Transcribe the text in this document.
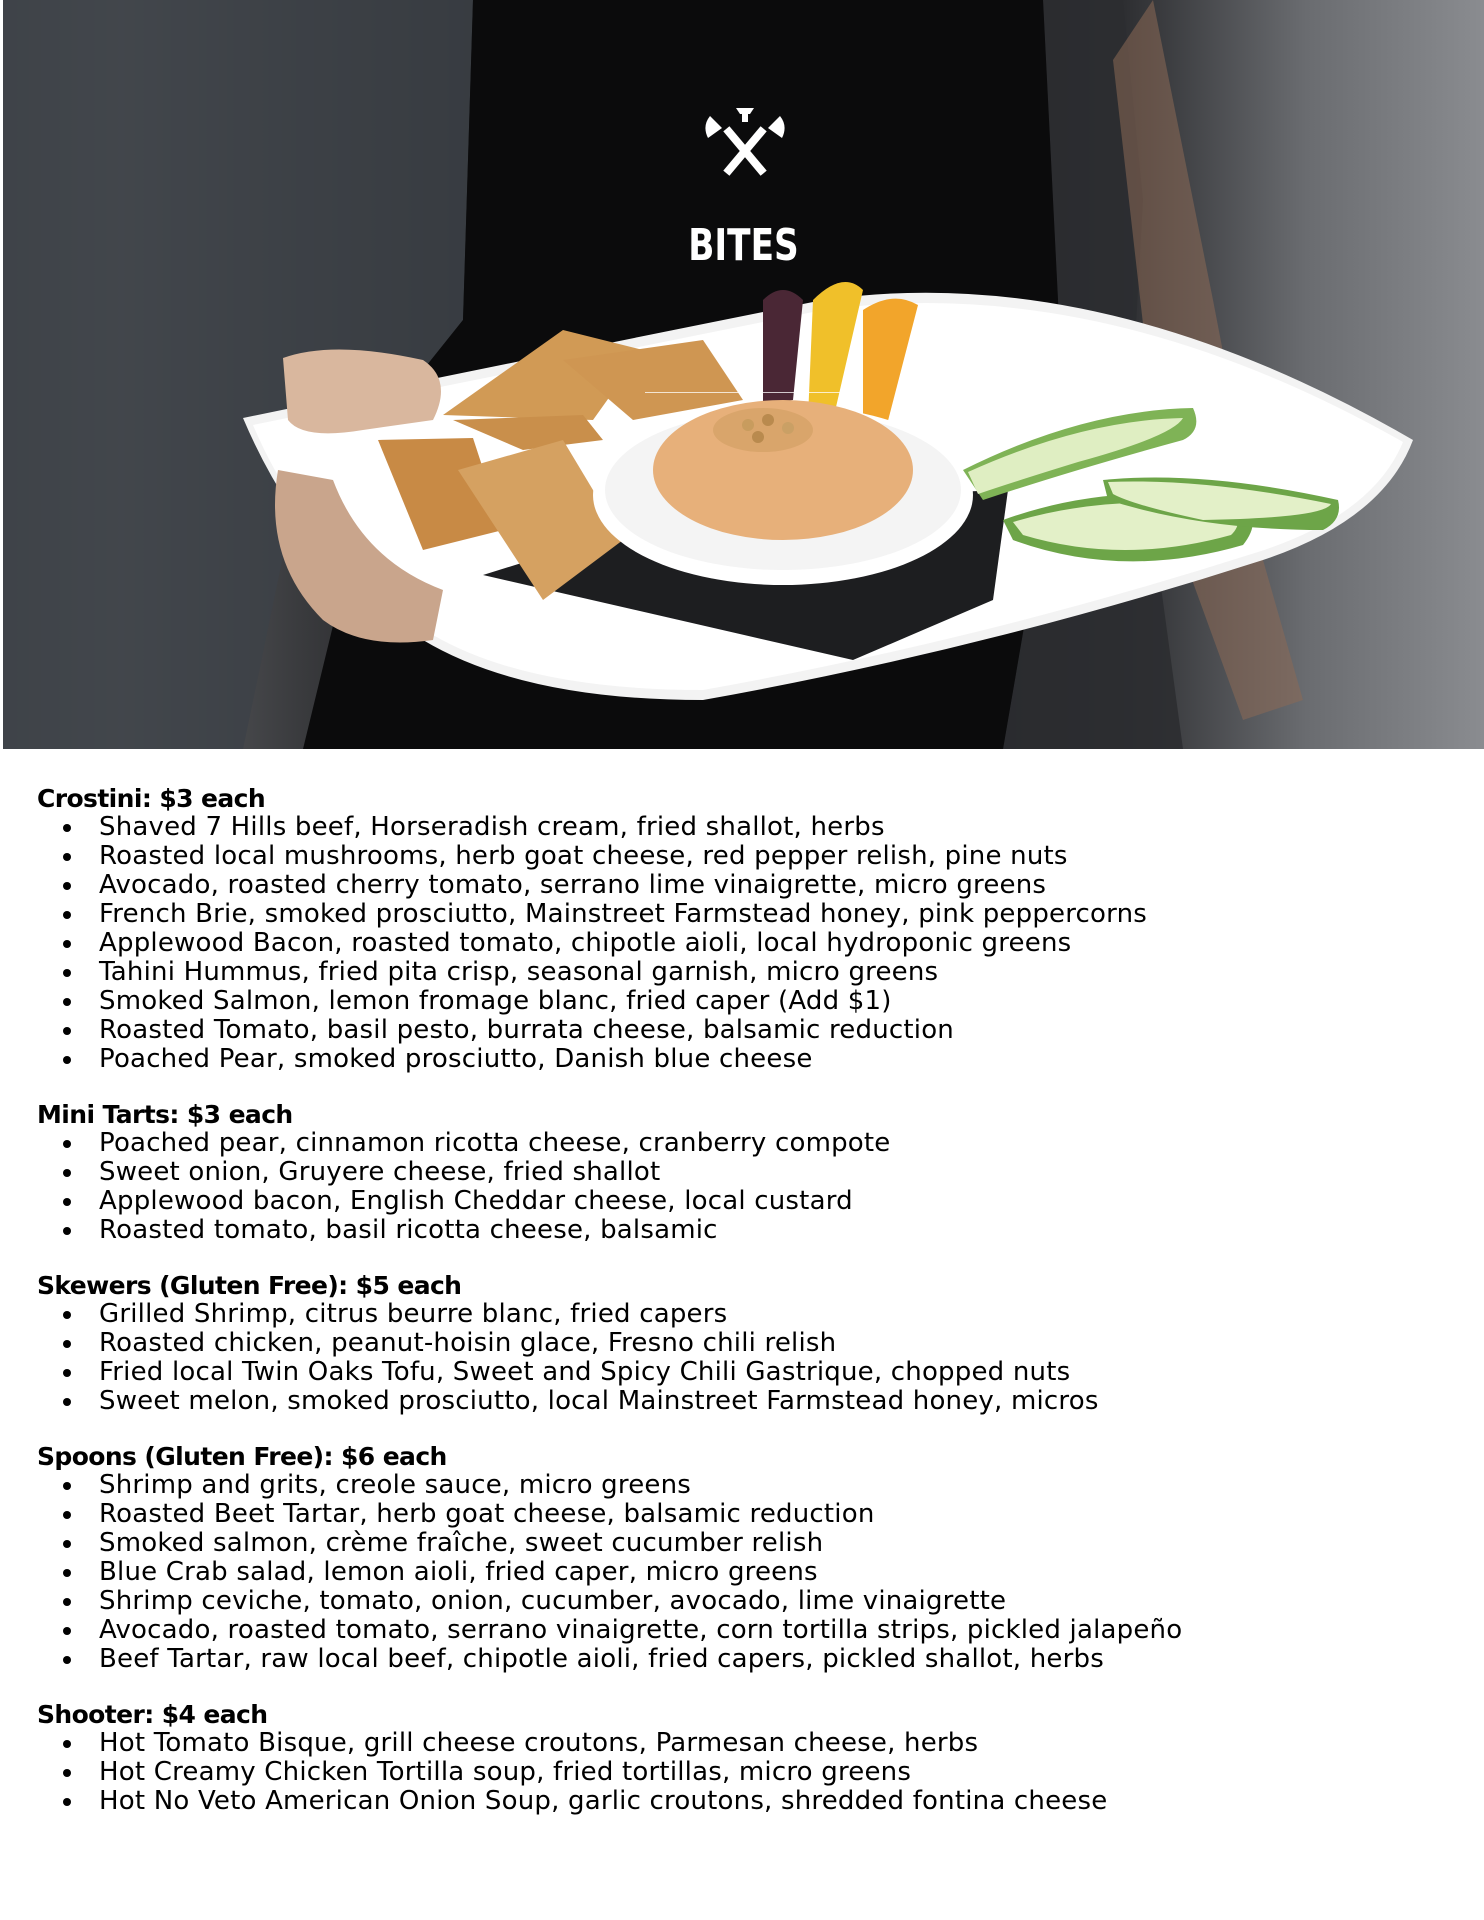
BITES
Crostini: $3 each
Shaved 7 Hills beef, Horseradish cream, fried shallot, herbs
Roasted local mushrooms, herb goat cheese, red pepper relish, pine nuts
Avocado, roasted cherry tomato, serrano lime vinaigrette, micro greens
French Brie, smoked prosciutto, Mainstreet Farmstead honey, pink peppercorns
Applewood Bacon, roasted tomato, chipotle aioli, local hydroponic greens
Tahini Hummus, fried pita crisp, seasonal garnish, micro greens
Smoked Salmon, lemon fromage blanc, fried caper (Add $1)
Roasted Tomato, basil pesto, burrata cheese, balsamic reduction
Poached Pear, smoked prosciutto, Danish blue cheese
Mini Tarts: $3 each
Poached pear, cinnamon ricotta cheese, cranberry compote
Sweet onion, Gruyere cheese, fried shallot
Applewood bacon, English Cheddar cheese, local custard
Roasted tomato, basil ricotta cheese, balsamic
Skewers (Gluten Free): $5 each
Grilled Shrimp, citrus beurre blanc, fried capers
Roasted chicken, peanut-hoisin glace, Fresno chili relish
Fried local Twin Oaks Tofu, Sweet and Spicy Chili Gastrique, chopped nuts
Sweet melon, smoked prosciutto, local Mainstreet Farmstead honey, micros
Spoons (Gluten Free): $6 each
Shrimp and grits, creole sauce, micro greens
Roasted Beet Tartar, herb goat cheese, balsamic reduction
Smoked salmon, crème fraîche, sweet cucumber relish
Blue Crab salad, lemon aioli, fried caper, micro greens
Shrimp ceviche, tomato, onion, cucumber, avocado, lime vinaigrette
Avocado, roasted tomato, serrano vinaigrette, corn tortilla strips, pickled jalapeño
Beef Tartar, raw local beef, chipotle aioli, fried capers, pickled shallot, herbs
Shooter: $4 each
Hot Tomato Bisque, grill cheese croutons, Parmesan cheese, herbs
Hot Creamy Chicken Tortilla soup, fried tortillas, micro greens
Hot No Veto American Onion Soup, garlic croutons, shredded fontina cheese
